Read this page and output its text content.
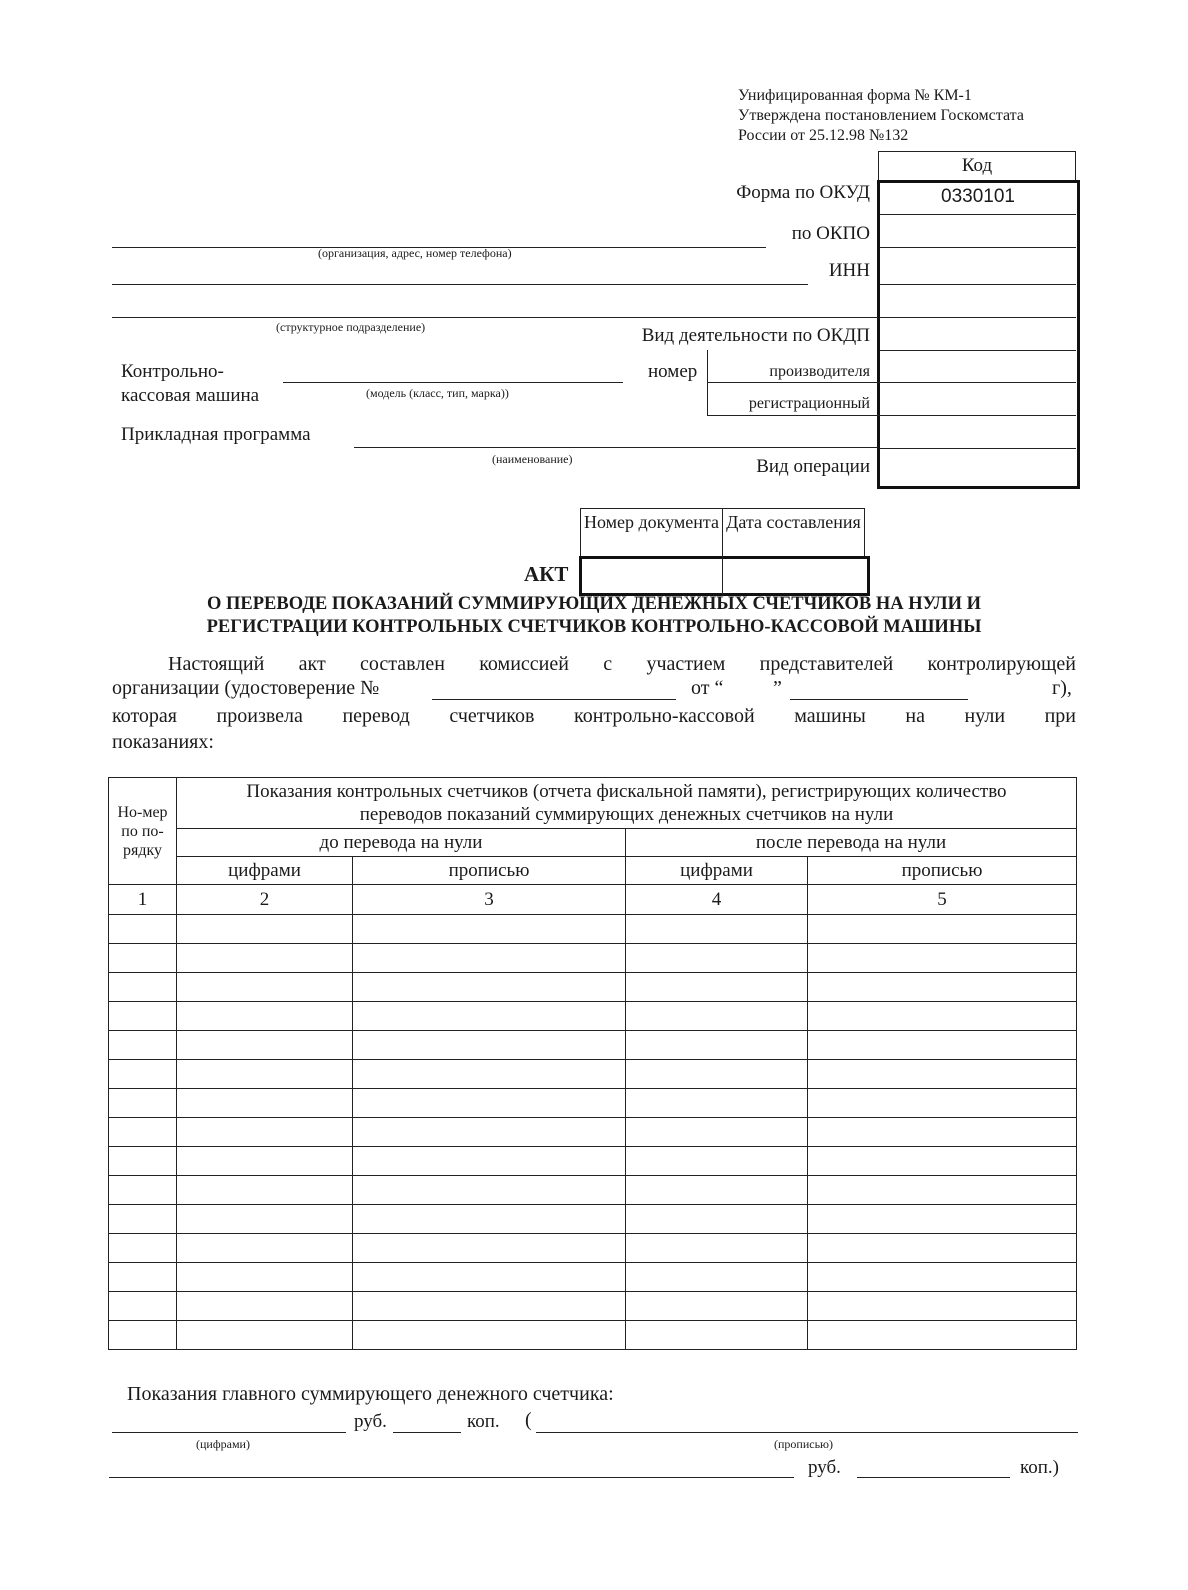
Унифицированная форма № КМ-1
Утверждена постановлением Госкомстата
России от 25.12.98 №132
Код
0330101
Форма по ОКУД
по ОКПО
ИНН
Вид деятельности по ОКДП
номер	производителя
регистрационный
Вид операции
(организация, адрес, номер телефона)
(структурное подразделение)
Контрольно-
кассовая машина	(модель (класс, тип, марка))
Прикладная программа
(наименование)
Номер документа Дата составления
АКТ
О ПЕРЕВОДЕ ПОКАЗАНИЙ СУММИРУЮЩИХ ДЕНЕЖНЫХ СЧЕТЧИКОВ НА НУЛИ И
РЕГИСТРАЦИИ КОНТРОЛЬНЫХ СЧЕТЧИКОВ КОНТРОЛЬНО-КАССОВОЙ МАШИНЫ
Настоящий акт составлен комиссией с участием представителей контролирующей
организации (удостоверение №	от “ ”	г),
которая произвела перевод счетчиков контрольно-кассовой машины на нули при
показаниях:
Но-мер по по-рядку	Показания контрольных счетчиков (отчета фискальной памяти), регистрирующих количество переводов показаний суммирующих денежных счетчиков на нули			
	до перевода на нули		после перевода на нули	
	цифрами	прописью	цифрами	прописью
1	2	3	4	5

Показания главного суммирующего денежного счетчика:
руб.	коп. (
(цифрами)	(прописью)
руб.	коп.)
